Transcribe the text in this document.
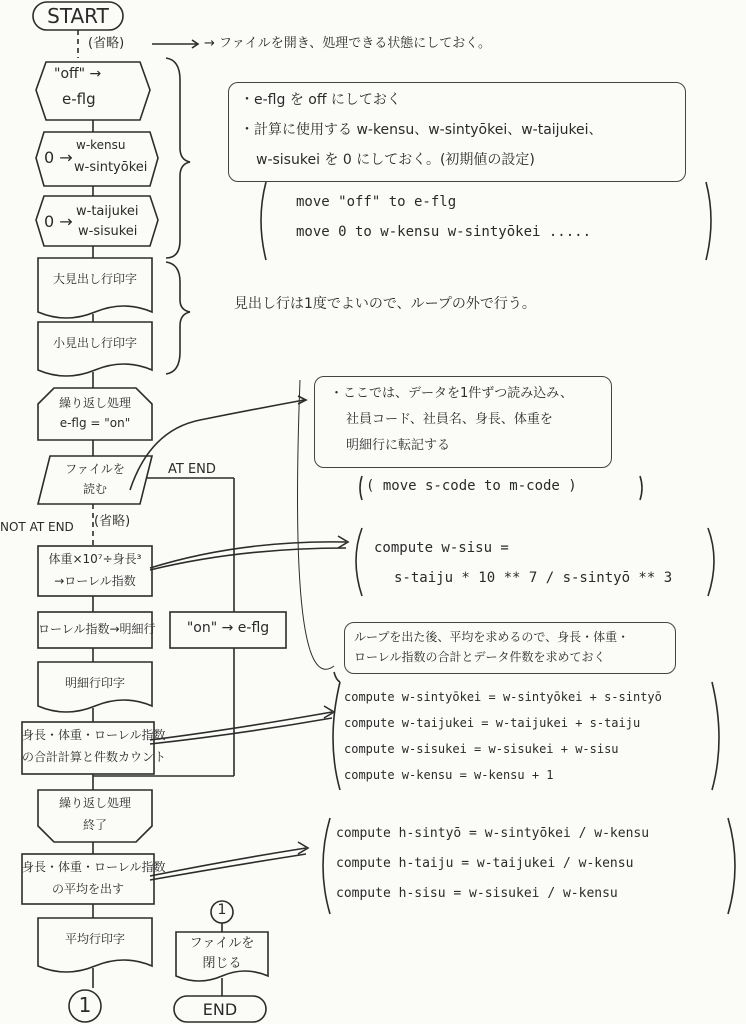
START
(省略)
"off" →
e-flg
0 →
w-kensu
w-sintyōkei
0 →
w-taijukei
w-sisukei
大見出し行印字
小見出し行印字
繰り返し処理
e-flg = "on"
ファイルを
読む
AT END
NOT AT END (省略)
体重×10⁷÷身長³
→ローレル指数
ローレル指数→明細行	"on" → e-flg
明細行印字
身長・体重・ローレル指数
の合計計算と件数カウント
繰り返し処理
終了
身長・体重・ローレル指数
の平均を出す
平均行印字
1
1
ファイルを
閉じる
END
→ ファイルを開き、処理できる状態にしておく。
・e-flg を off にしておく
・計算に使用する w-kensu、w-sintyōkei、w-taijukei、
w-sisukei を 0 にしておく。(初期値の設定)
move "off" to e-flg
move 0 to w-kensu w-sintyōkei .....
見出し行は1度でよいので、ループの外で行う。
・ここでは、データを1件ずつ読み込み、
社員コード、社員名、身長、体重を
明細行に転記する
( move s-code to m-code )
compute w-sisu =
s-taiju * 10 ** 7 / s-sintyō ** 3
ループを出た後、平均を求めるので、身長・体重・
ローレル指数の合計とデータ件数を求めておく
compute w-sintyōkei = w-sintyōkei + s-sintyō
compute w-taijukei = w-taijukei + s-taiju
compute w-sisukei = w-sisukei + w-sisu
compute w-kensu = w-kensu + 1
compute h-sintyō = w-sintyōkei / w-kensu
compute h-taiju = w-taijukei / w-kensu
compute h-sisu = w-sisukei / w-kensu
